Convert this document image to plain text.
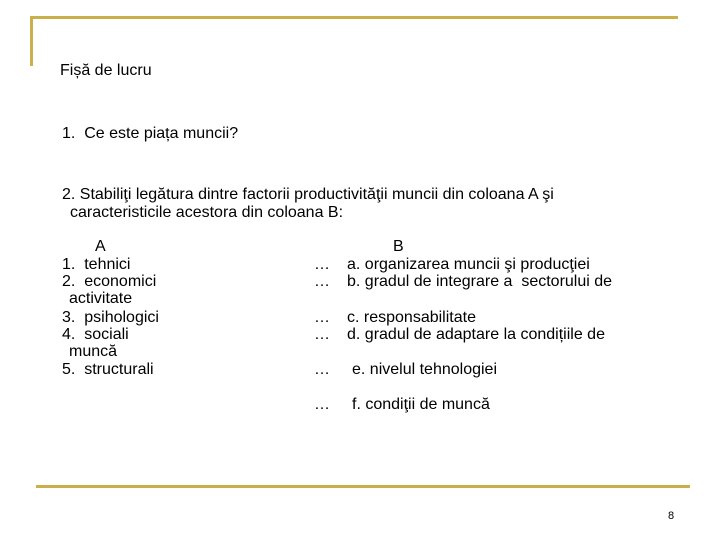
Fișă de lucru
1.  Ce este piața muncii?
2. Stabiliţi legătura dintre factorii productivităţii muncii din coloana A şi
caracteristicile acestora din coloana B:
A
1.  tehnici
2.  economici
activitate
3.  psihologici
4.  sociali
muncă
5.  structurali
B
… a. organizarea muncii şi producţiei
… b. gradul de integrare a  sectorului de
… c. responsabilitate
… d. gradul de adaptare la condițiile de
… e. nivelul tehnologiei
… f. condiţii de muncă
8
